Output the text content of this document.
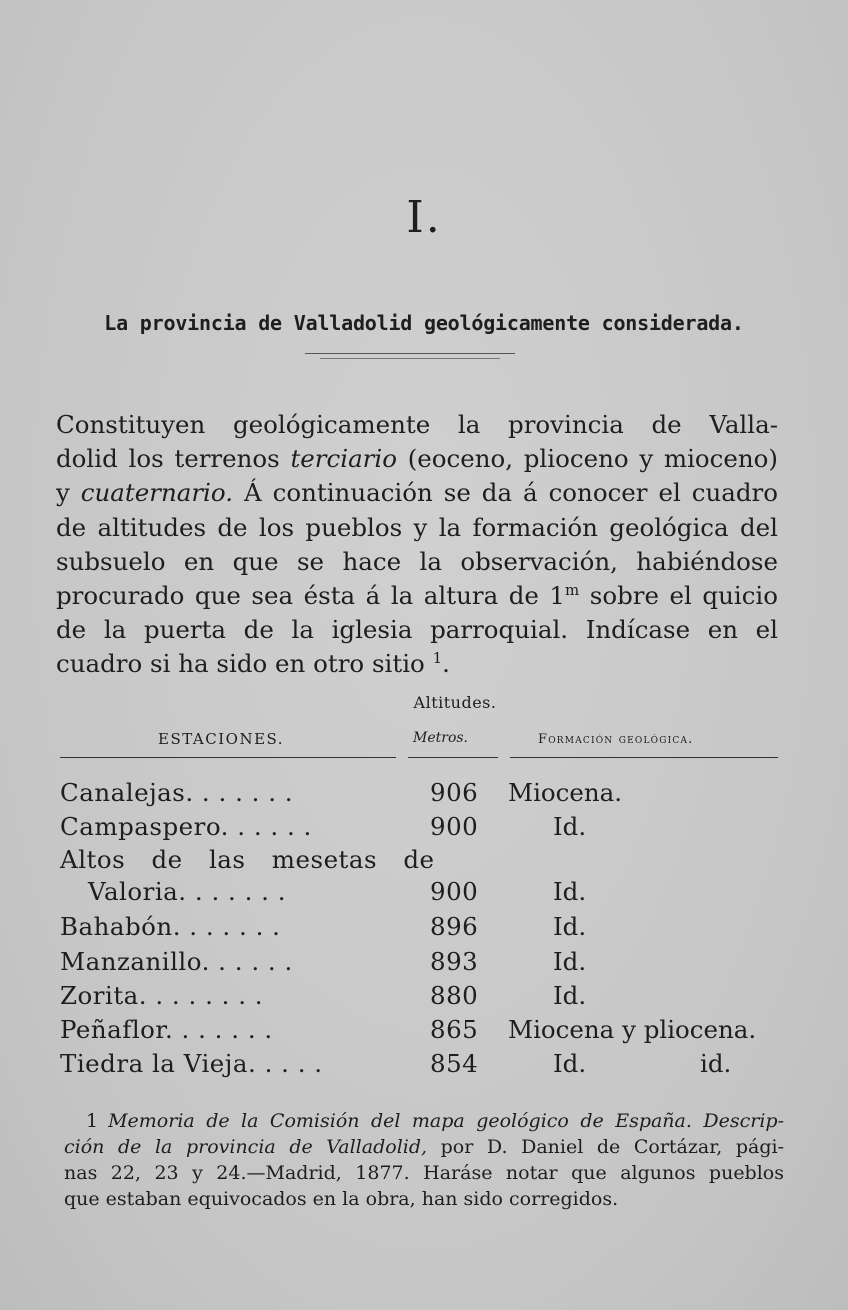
I.
La provincia de Valladolid geológicamente considerada.
Constituyen geológicamente la provincia de Valla-
dolid los terrenos terciario (eoceno, plioceno y mioceno)
y cuaternario. Á continuación se da á conocer el cuadro
de altitudes de los pueblos y la formación geológica del
subsuelo en que se hace la observación, habiéndose
procurado que sea ésta á la altura de 1$^m$ sobre el quicio
de la puerta de la iglesia parroquial. Indícase en el
cuadro si ha sido en otro sitio $^1$.
Altitudes.
ESTACIONES.	Metros.	Formación geológica.
Canalejas. . . . . . .	906 Miocena.
Campaspero. . . . . .	900	Id.
Altos de las mesetas de
Valoria. . . . . . .	900	Id.
Bahabón. . . . . . .	896	Id.
Manzanillo. . . . . .	893	Id.
Zorita. . . . . . . .	880	Id.
Peñaflor. . . . . . .	865 Miocena y pliocena.
Tiedra la Vieja. . . . .	854	Id.	id.
1 Memoria de la Comisión del mapa geológico de España. Descrip-
ción de la provincia de Valladolid, por D. Daniel de Cortázar, pági-
nas 22, 23 y 24.—Madrid, 1877. Haráse notar que algunos pueblos
que estaban equivocados en la obra, han sido corregidos.
